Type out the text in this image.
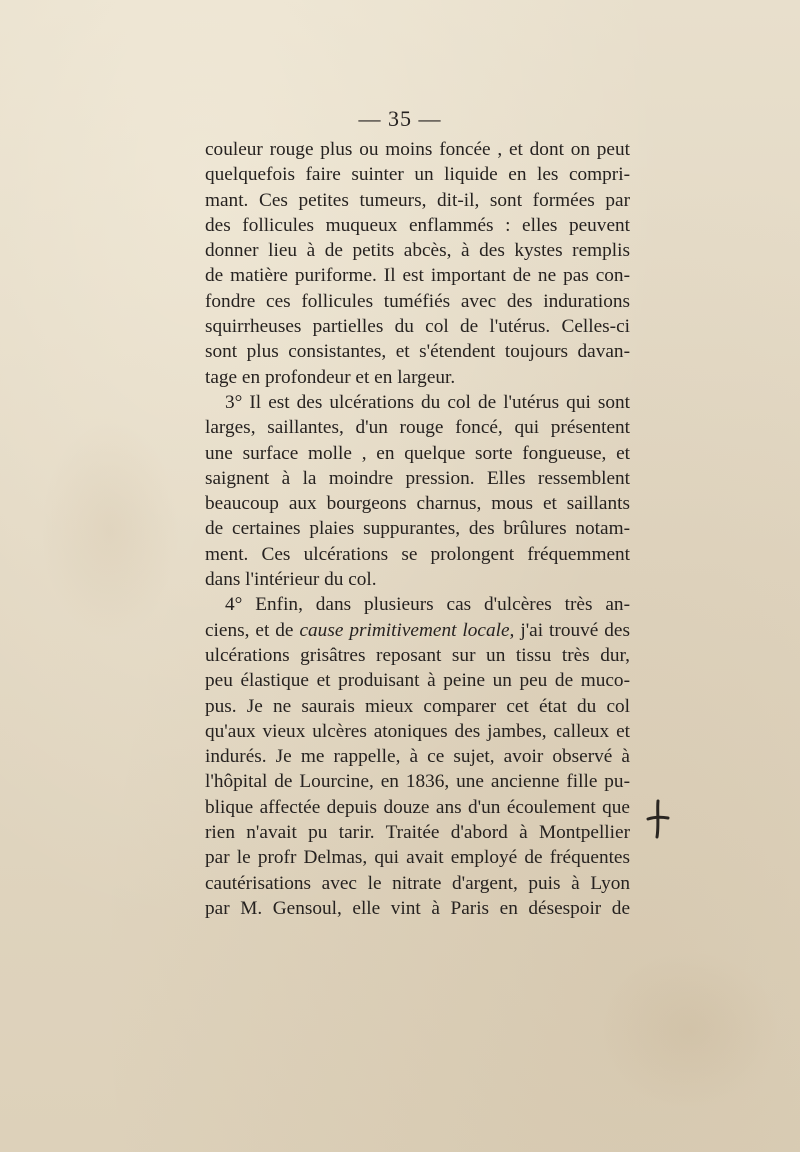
— 35 —
couleur rouge plus ou moins foncée , et dont on peut
quelquefois faire suinter un liquide en les compri-
mant. Ces petites tumeurs, dit-il, sont formées par
des follicules muqueux enflammés : elles peuvent
donner lieu à de petits abcès, à des kystes remplis
de matière puriforme. Il est important de ne pas con-
fondre ces follicules tuméfiés avec des indurations
squirrheuses partielles du col de l'utérus. Celles-ci
sont plus consistantes, et s'étendent toujours davan-
tage en profondeur et en largeur.
3° Il est des ulcérations du col de l'utérus qui sont
larges, saillantes, d'un rouge foncé, qui présentent
une surface molle , en quelque sorte fongueuse, et
saignent à la moindre pression. Elles ressemblent
beaucoup aux bourgeons charnus, mous et saillants
de certaines plaies suppurantes, des brûlures notam-
ment. Ces ulcérations se prolongent fréquemment
dans l'intérieur du col.
4° Enfin, dans plusieurs cas d'ulcères très an-
ciens, et de cause primitivement locale, j'ai trouvé des
ulcérations grisâtres reposant sur un tissu très dur,
peu élastique et produisant à peine un peu de muco-
pus. Je ne saurais mieux comparer cet état du col
qu'aux vieux ulcères atoniques des jambes, calleux et
indurés. Je me rappelle, à ce sujet, avoir observé à
l'hôpital de Lourcine, en 1836, une ancienne fille pu-
blique affectée depuis douze ans d'un écoulement que
rien n'avait pu tarir. Traitée d'abord à Montpellier
par le profr Delmas, qui avait employé de fréquentes
cautérisations avec le nitrate d'argent, puis à Lyon
par M. Gensoul, elle vint à Paris en désespoir de
